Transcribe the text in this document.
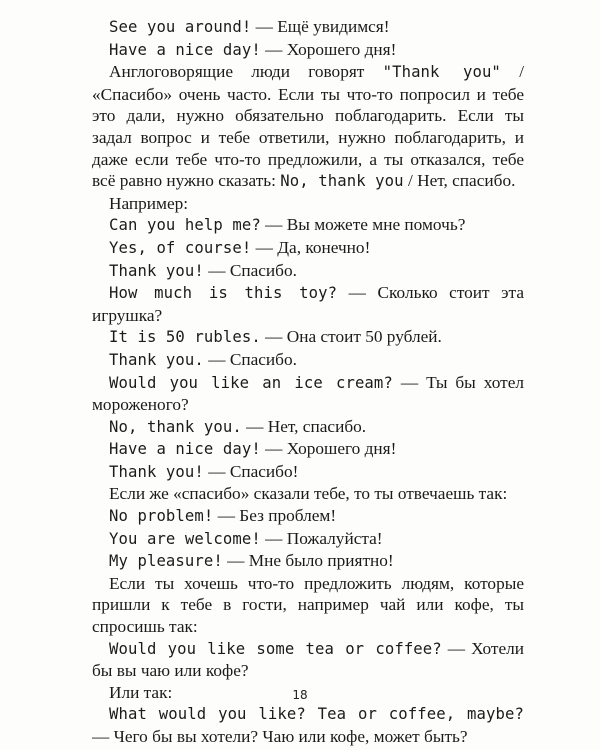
See you around! — Ещё увидимся!

Have a nice day! — Хорошего дня!

Англоговорящие люди говорят "Thank you" / «Спасибо» очень часто. Если ты что-то попросил и тебе это дали, нужно обязательно поблагодарить. Если ты задал вопрос и тебе ответили, нужно поблагодарить, и даже если тебе что-то предложили, а ты отказался, тебе всё равно нужно сказать: No, thank you / Нет, спасибо.

Например:

Can you help me? — Вы можете мне помочь?

Yes, of course! — Да, конечно!

Thank you! — Спасибо.

How much is this toy? — Сколько стоит эта игрушка?

It is 50 rubles. — Она стоит 50 рублей.

Thank you. — Спасибо.

Would you like an ice cream? — Ты бы хотел мороженого?

No, thank you. — Нет, спасибо.

Have a nice day! — Хорошего дня!

Thank you! — Спасибо!

Если же «спасибо» сказали тебе, то ты отвечаешь так:

No problem! — Без проблем!

You are welcome! — Пожалуйста!

My pleasure! — Мне было приятно!

Если ты хочешь что-то предложить людям, которые пришли к тебе в гости, например чай или кофе, ты спросишь так:

Would you like some tea or coffee? — Хотели бы вы чаю или кофе?

Или так:

What would you like? Tea or coffee, maybe? — Чего бы вы хотели? Чаю или кофе, может быть?

18
